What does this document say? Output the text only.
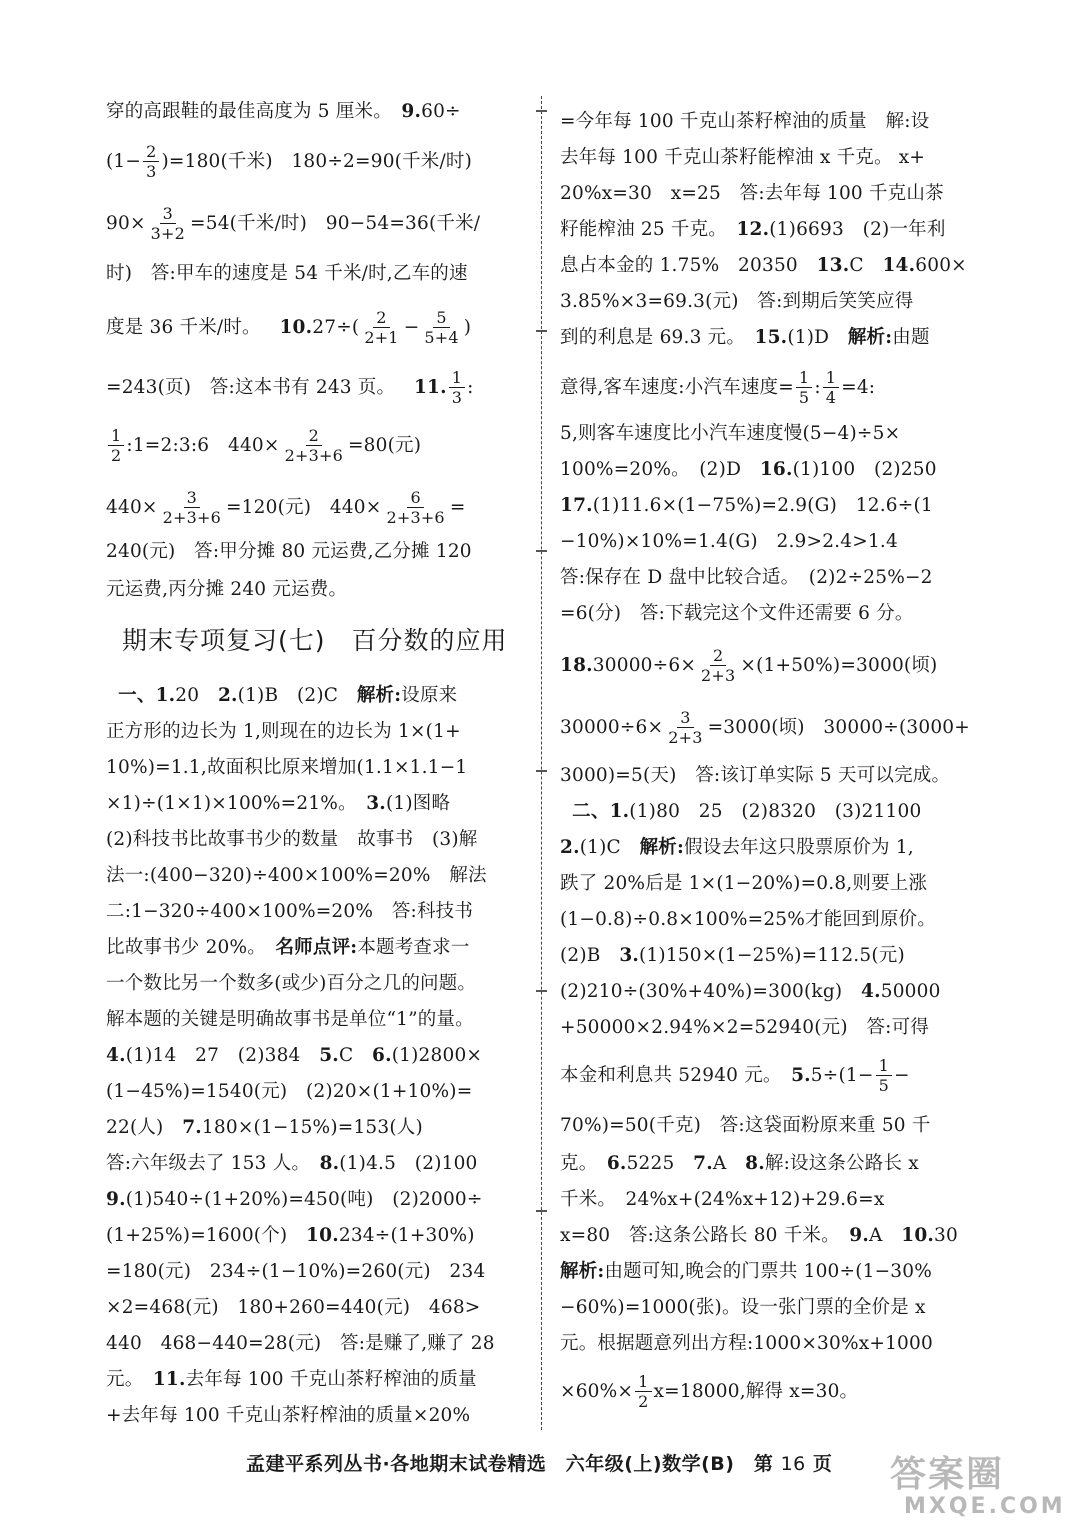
穿的高跟鞋的最佳高度为 5 厘米。　 9.60÷
$(1- \frac{2}{3} )=180$(千米)　180÷2=90(千米/时)
$90\times \frac{3}{3+2} =54$(千米/时)　90−54=36(千米/
时)　答:甲车的速度是 54 千米/时,乙车的速
度是 36 千米/时。
　 10. $27\div( \frac{2}{2+1} - \frac{5}{5+4}$ )
=243(页)　答:这本书有 243 页。
　 11. $\frac{1}{3}$ :
$\frac{1}{2}$ :1=2:3:6　$440\times \frac{2}{2+3+6} =80$(元)
$440\times \frac{3}{2+3+6} =120$(元)　$440\times \frac{6}{2+3+6}$ =
240(元)　答:甲分摊 80 元运费,乙分摊 120
元运费,丙分摊 240 元运费。
期末专项复习(七)　百分数的应用
一、1.20　2.(1)B　(2)C　解析:设原来
正方形的边长为 1,则现在的边长为 1×(1+
10%)=1.1,故面积比原来增加(1.1×1.1−1
×1)÷(1×1)×100%=21%。　 3.(1)图略
(2)科技书比故事书少的数量　故事书　(3)解
法一:(400−320)÷400×100%=20%　解法
二:1−320÷400×100%=20%　答:科技书
比故事书少 20%。　 名师点评:本题考查求一
一个数比另一个数多(或少)百分之几的问题。
解本题的关键是明确故事书是单位“1”的量。
4.(1)14　27　(2)384　5.C　6.(1)2800×
(1−45%)=1540(元)　(2)20×(1+10%)=
22(人)　7.180×(1−15%)=153(人)
答:六年级去了 153 人。　8.(1)4.5　(2)100
9.(1)540÷(1+20%)=450(吨)　(2)2000÷
(1+25%)=1600(个)　10.234÷(1+30%)
=180(元)　234÷(1−10%)=260(元)　234
×2=468(元)　180+260=440(元)　468>
440　468−440=28(元)　答:是赚了,赚了 28
元。　11.去年每 100 千克山茶籽榨油的质量
+去年每 100 千克山茶籽榨油的质量×20%
=今年每 100 千克山茶籽榨油的质量　解:设
去年每 100 千克山茶籽能榨油 x 千克。 x+
20%x=30　x=25　答:去年每 100 千克山茶
籽能榨油 25 千克。　 12.(1)6693　(2)一年利
息占本金的 1.75%　20350　13.C　14.600×
3.85%×3=69.3(元)　答:到期后笑笑应得
到的利息是 69.3 元。　15.(1)D　解析:由题
意得,客车速度:小汽车速度= $\frac{1}{5}$ : $\frac{1}{4} =4$:
5,则客车速度比小汽车速度慢(5−4)÷5×
100%=20%。　(2)D　16.(1)100　(2)250
17.(1)11.6×(1−75%)=2.9(G)　12.6÷(1
−10%)×10%=1.4(G)　2.9>2.4>1.4
答:保存在 D 盘中比较合适。　(2)2÷25%−2
=6(分)　答:下载完这个文件还需要 6 分。
18. $30000\div 6\times \frac{2}{2+3} \times(1+50\%)=3000$(顷)
$30000\div 6\times \frac{3}{2+3} =3000$(顷)　30000÷(3000+
3000)=5(天)　答:该订单实际 5 天可以完成。
二、1.(1)80　25　(2)8320　(3)21100
2.(1)C　解析:假设去年这只股票原价为 1,
跌了 20%后是 1×(1−20%)=0.8,则要上涨
(1−0.8)÷0.8×100%=25%才能回到原价。
(2)B　3.(1)150×(1−25%)=112.5(元)
(2)210÷(30%+40%)=300(kg)　4.50000
+50000×2.94%×2=52940(元)　答:可得
本金和利息共 52940 元。　 5. $5\div(1- \frac{1}{5}$ −
70%)=50(千克)　答:这袋面粉原来重 50 千
克。　6.5225　7.A　8.解:设这条公路长 x
千米。　24%x+(24%x+12)+29.6=x
x=80　答:这条公路长 80 千米。　9.A　10.30
解析:由题可知,晚会的门票共 100÷(1−30%
−60%)=1000(张)。设一张门票的全价是 x
元。根据题意列出方程:1000×30%x+1000
$\times 60\%\times \frac{1}{2} x=18000$,解得 x=30。
孟建平系列丛书·各地期末试卷精选　六年级(上)数学(B)　第 16 页 答案圈
MXQE.COM
